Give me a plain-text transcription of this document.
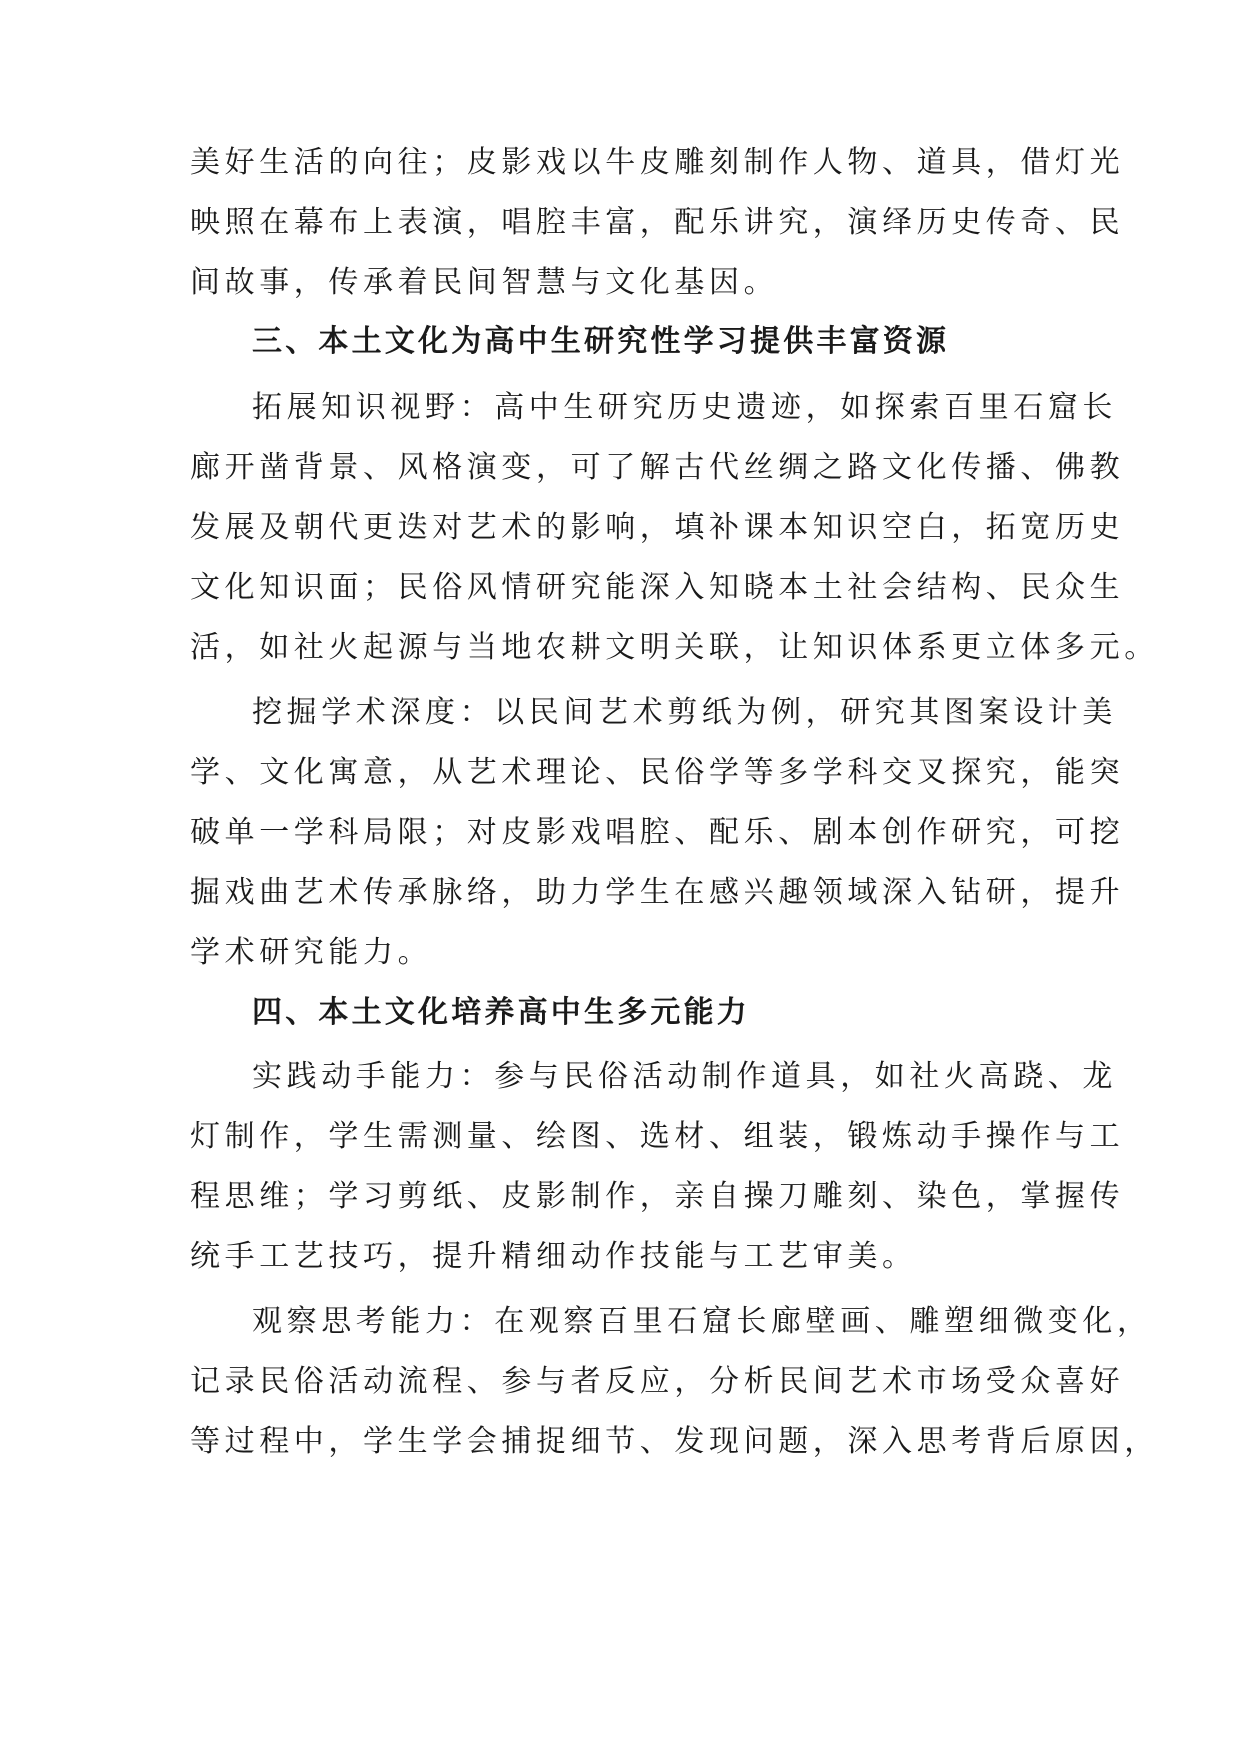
美好生活的向往；皮影戏以牛皮雕刻制作人物、道具，借灯光
映照在幕布上表演，唱腔丰富，配乐讲究，演绎历史传奇、民
间故事，传承着民间智慧与文化基因。
三、本土文化为高中生研究性学习提供丰富资源
拓展知识视野：高中生研究历史遗迹，如探索百里石窟长
廊开凿背景、风格演变，可了解古代丝绸之路文化传播、佛教
发展及朝代更迭对艺术的影响，填补课本知识空白，拓宽历史
文化知识面；民俗风情研究能深入知晓本土社会结构、民众生
活，如社火起源与当地农耕文明关联，让知识体系更立体多元。
挖掘学术深度：以民间艺术剪纸为例，研究其图案设计美
学、文化寓意，从艺术理论、民俗学等多学科交叉探究，能突
破单一学科局限；对皮影戏唱腔、配乐、剧本创作研究，可挖
掘戏曲艺术传承脉络，助力学生在感兴趣领域深入钻研，提升
学术研究能力。
四、本土文化培养高中生多元能力
实践动手能力：参与民俗活动制作道具，如社火高跷、龙
灯制作，学生需测量、绘图、选材、组装，锻炼动手操作与工
程思维；学习剪纸、皮影制作，亲自操刀雕刻、染色，掌握传
统手工艺技巧，提升精细动作技能与工艺审美。
观察思考能力：在观察百里石窟长廊壁画、雕塑细微变化，
记录民俗活动流程、参与者反应，分析民间艺术市场受众喜好
等过程中，学生学会捕捉细节、发现问题，深入思考背后原因，
